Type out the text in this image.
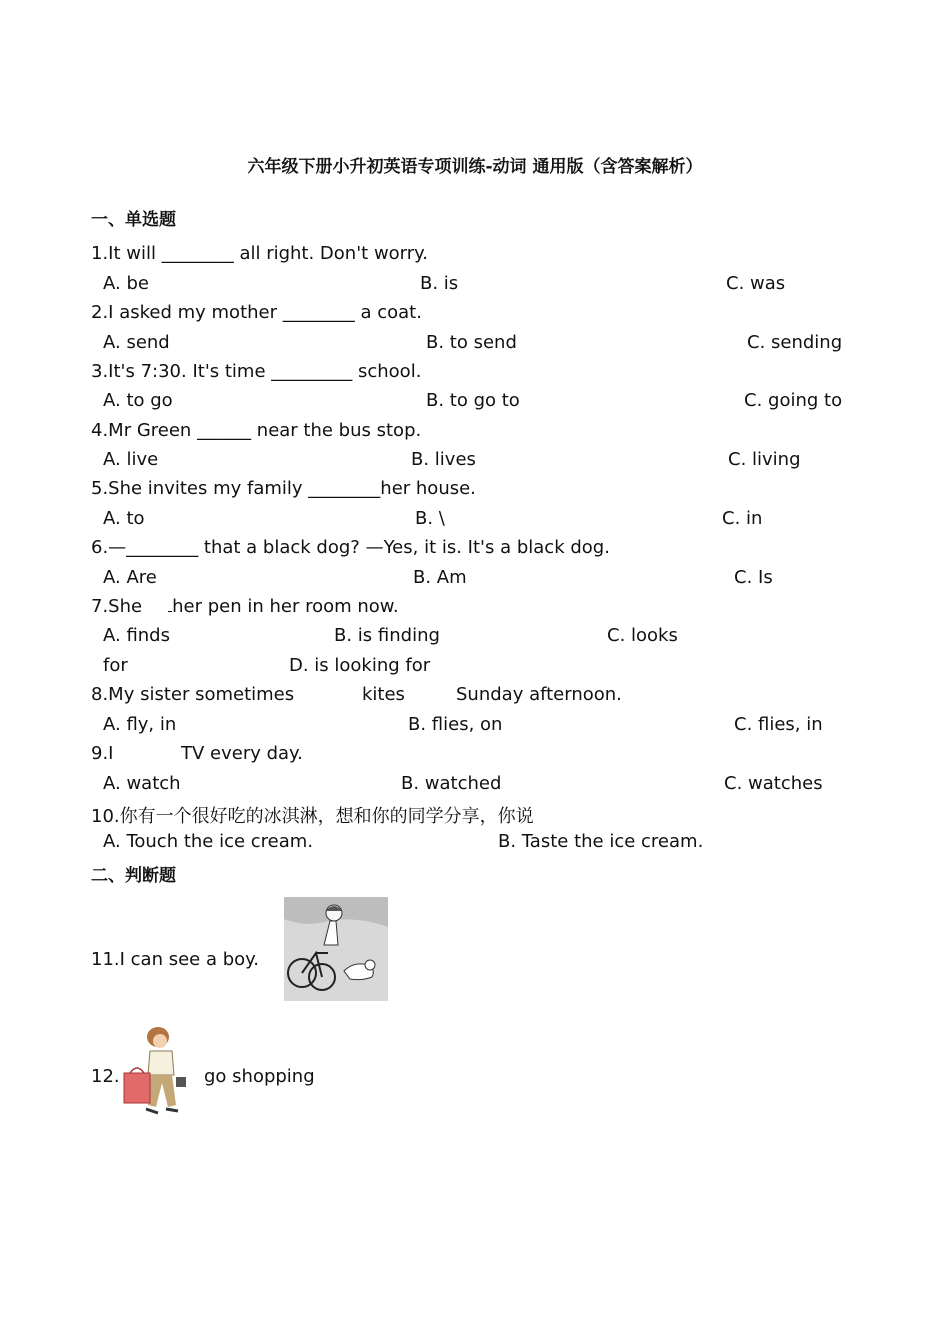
六年级下册小升初英语专项训练-动词 通用版（含答案解析）
一、单选题
1.It will ________ all right. Don't worry.
A. be	B. is	C. was
2.I asked my mother ________ a coat.
A. send	B. to send	C. sending
3.It's 7:30. It's time _________ school.
A. to go	B. to go to	C. going to
4.Mr Green ______ near the bus stop.
A. live	B. lives	C. living
5.She invites my family ________her house.
A. to	B. \	C. in
6.—________ that a black dog? —Yes, it is. It's a black dog.
A. Are	B. Am	C. Is
7.She her pen in her room now.
A. finds	B. is finding	C. looks
for	D. is looking for
8.My sister sometimes	kites	Sunday afternoon.
A. fly, in	B. flies, on	C. flies, in
9.I	TV every day.
A. watch	B. watched	C. watches
10.你有一个很好吃的冰淇淋，想和你的同学分享，你说
A. Touch the ice cream.	B. Taste the ice cream.
二、判断题
11.I can see a boy.
12.	go shopping
